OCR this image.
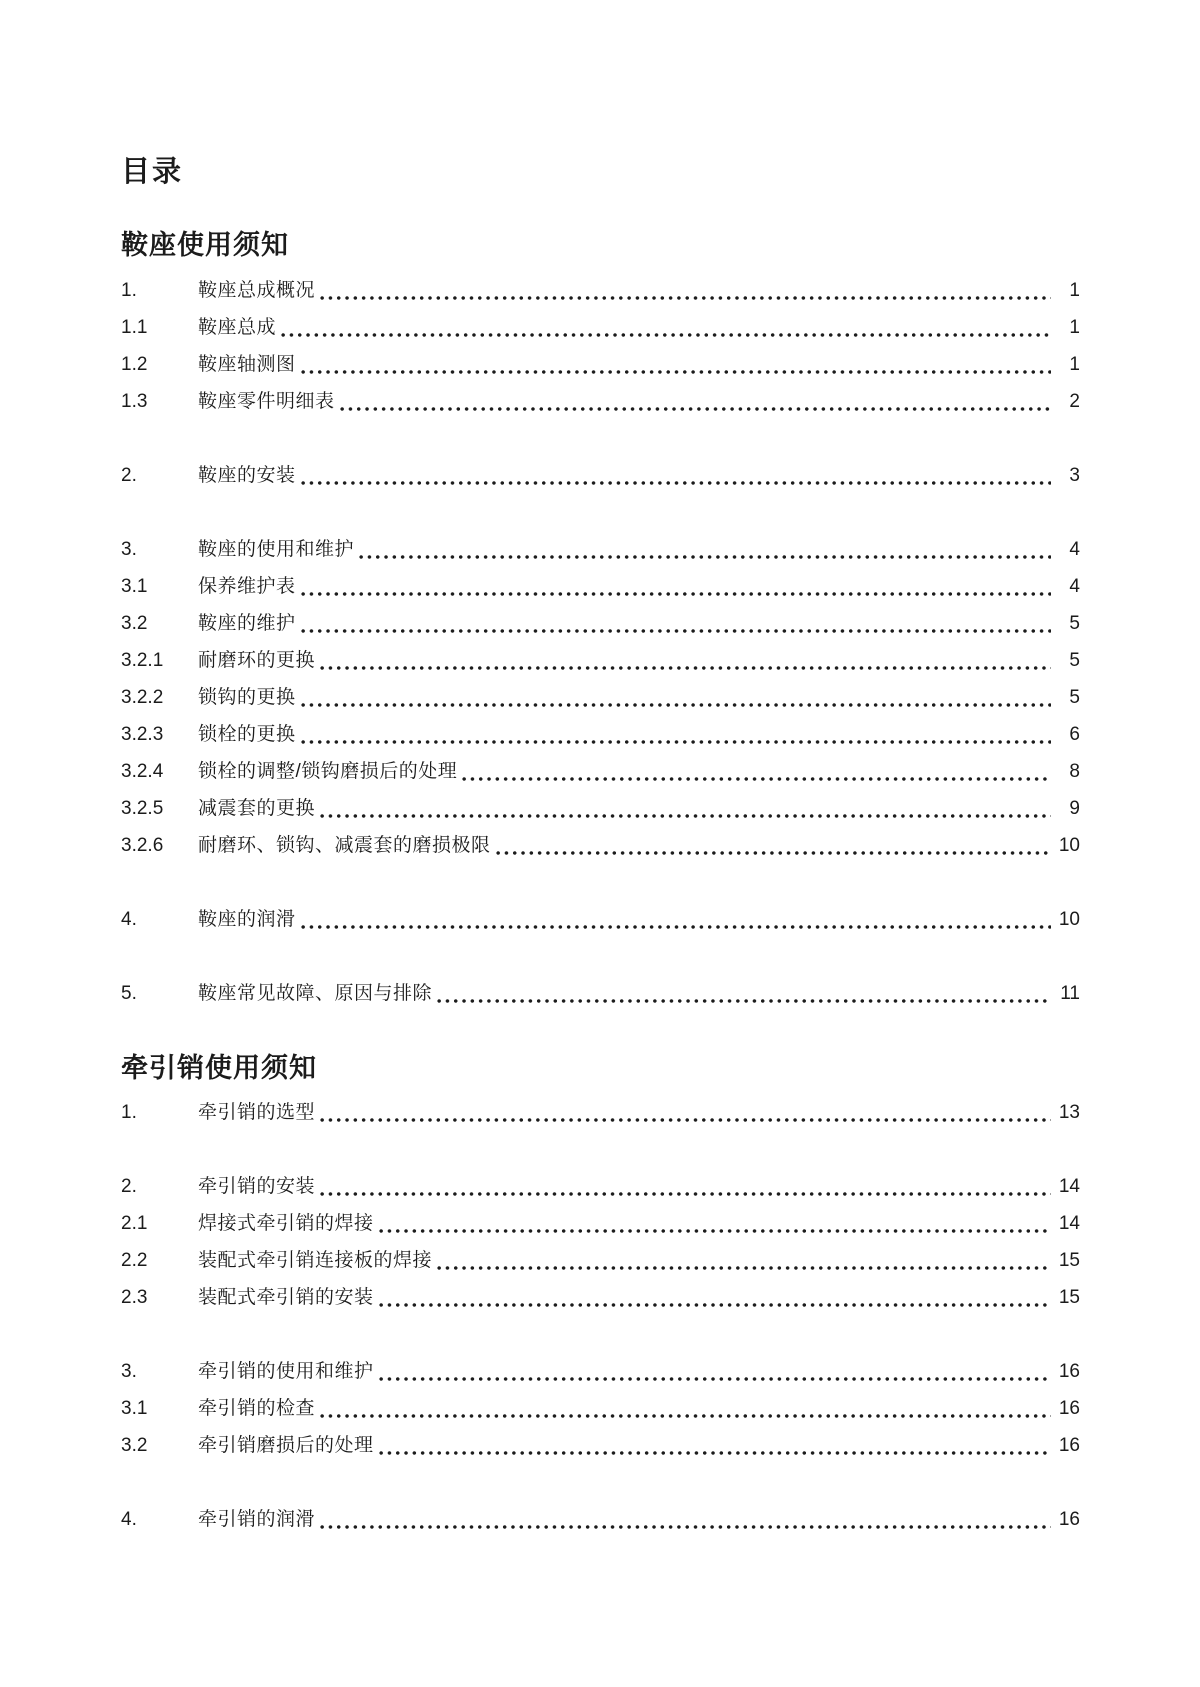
目录
鞍座使用须知
1.	鞍座总成概况	1
1.1	鞍座总成	1
1.2	鞍座轴测图	1
1.3	鞍座零件明细表	2
2.	鞍座的安装	3
3.	鞍座的使用和维护	4
3.1	保养维护表	4
3.2	鞍座的维护	5
3.2.1	耐磨环的更换	5
3.2.2	锁钩的更换	5
3.2.3	锁栓的更换	6
3.2.4	锁栓的调整/锁钩磨损后的处理	8
3.2.5	减震套的更换	9
3.2.6	耐磨环、锁钩、减震套的磨损极限	10
4.	鞍座的润滑	10
5.	鞍座常见故障、原因与排除	11
牵引销使用须知
1.	牵引销的选型	13
2.	牵引销的安装	14
2.1	焊接式牵引销的焊接	14
2.2	装配式牵引销连接板的焊接	15
2.3	装配式牵引销的安装	15
3.	牵引销的使用和维护	16
3.1	牵引销的检查	16
3.2	牵引销磨损后的处理	16
4.	牵引销的润滑	16
